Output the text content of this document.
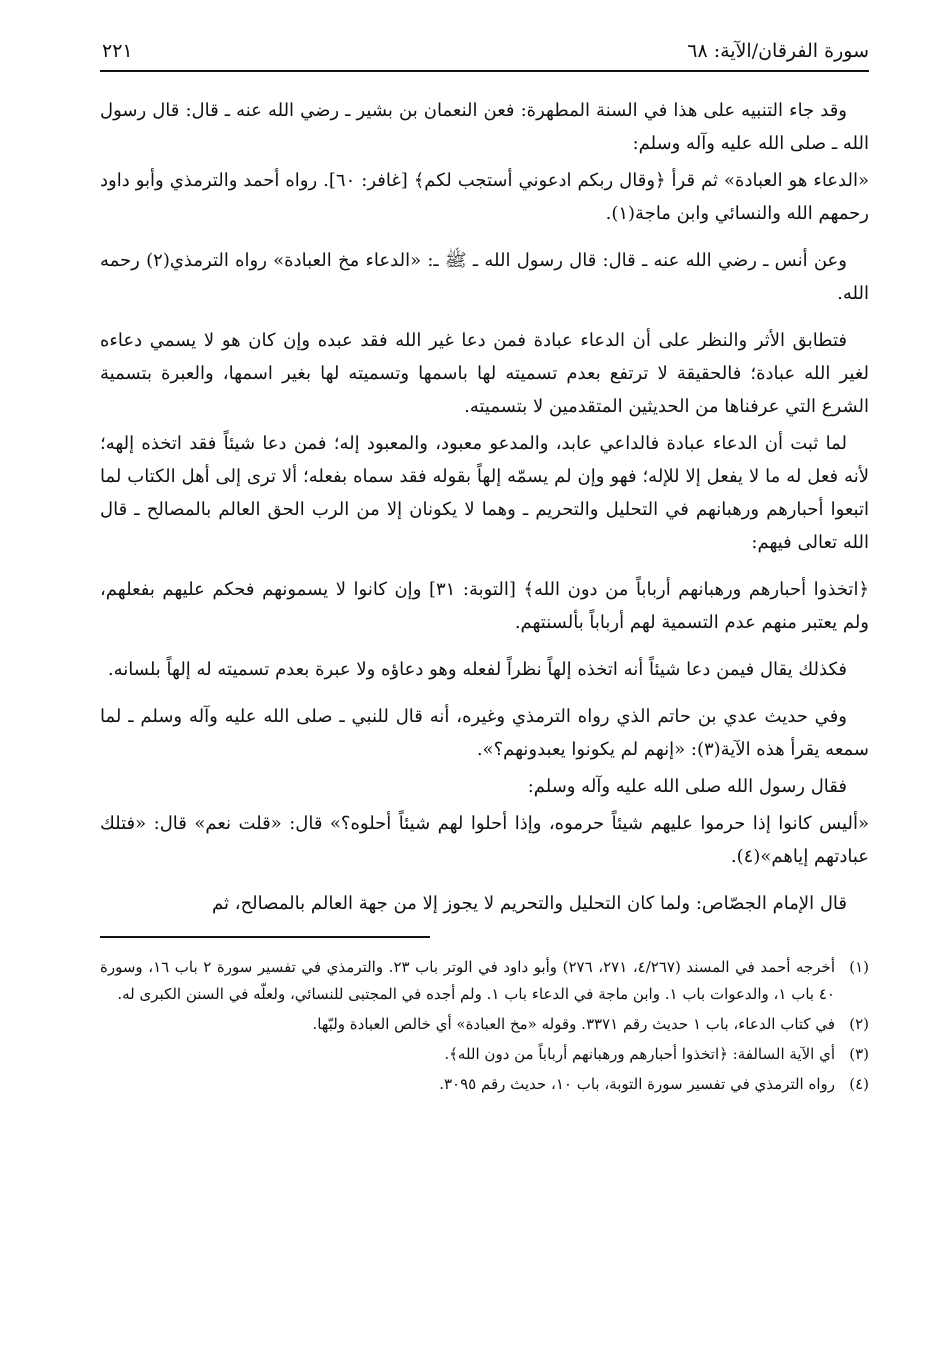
سورة الفرقان/الآية: ٦٨
٢٢١

وقد جاء التنبيه على هذا في السنة المطهرة: فعن النعمان بن بشير ـ رضي الله عنه ـ قال: قال رسول الله ـ صلى الله عليه وآله وسلم:

«الدعاء هو العبادة» ثم قرأ ﴿وقال ربكم ادعوني أستجب لكم﴾ [غافر: ٦٠]. رواه أحمد والترمذي وأبو داود رحمهم الله والنسائي وابن ماجة(١).

وعن أنس ـ رضي الله عنه ـ قال: قال رسول الله ـ ﷺ ـ: «الدعاء مخ العبادة» رواه الترمذي(٢) رحمه الله.

فتطابق الأثر والنظر على أن الدعاء عبادة فمن دعا غير الله فقد عبده وإن كان هو لا يسمي دعاءه لغير الله عبادة؛ فالحقيقة لا ترتفع بعدم تسميته لها باسمها وتسميته لها بغير اسمها، والعبرة بتسمية الشرع التي عرفناها من الحديثين المتقدمين لا بتسميته.

لما ثبت أن الدعاء عبادة فالداعي عابد، والمدعو معبود، والمعبود إله؛ فمن دعا شيئاً فقد اتخذه إلهه؛ لأنه فعل له ما لا يفعل إلا للإله؛ فهو وإن لم يسمّه إلهاً بقوله فقد سماه بفعله؛ ألا ترى إلى أهل الكتاب لما اتبعوا أحبارهم ورهبانهم في التحليل والتحريم ـ وهما لا يكونان إلا من الرب الحق العالم بالمصالح ـ قال الله تعالى فيهم:

﴿اتخذوا أحبارهم ورهبانهم أرباباً من دون الله﴾ [التوبة: ٣١] وإن كانوا لا يسمونهم فحكم عليهم بفعلهم، ولم يعتبر منهم عدم التسمية لهم أرباباً بألسنتهم.

فكذلك يقال فيمن دعا شيئاً أنه اتخذه إلهاً نظراً لفعله وهو دعاؤه ولا عبرة بعدم تسميته له إلهاً بلسانه.

وفي حديث عدي بن حاتم الذي رواه الترمذي وغيره، أنه قال للنبي ـ صلى الله عليه وآله وسلم ـ لما سمعه يقرأ هذه الآية(٣): «إنهم لم يكونوا يعبدونهم؟».

فقال رسول الله صلى الله عليه وآله وسلم:

«أليس كانوا إذا حرموا عليهم شيئاً حرموه، وإذا أحلوا لهم شيئاً أحلوه؟» قال: «قلت نعم» قال: «فتلك عبادتهم إياهم»(٤).

قال الإمام الجصّاص: ولما كان التحليل والتحريم لا يجوز إلا من جهة العالم بالمصالح، ثم

(١)
أخرجه أحمد في المسند (٤/٢٦٧، ٢٧١، ٢٧٦) وأبو داود في الوتر باب ٢٣. والترمذي في تفسير سورة ٢ باب ١٦، وسورة ٤٠ باب ١، والدعوات باب ١. وابن ماجة في الدعاء باب ١. ولم أجده في المجتبى للنسائي، ولعلّه في السنن الكبرى له.
(٢)
في كتاب الدعاء، باب ١ حديث رقم ٣٣٧١. وقوله «مخ العبادة» أي خالص العبادة ولبّها.
(٣)
أي الآية السالفة: ﴿اتخذوا أحبارهم ورهبانهم أرباباً من دون الله﴾.
(٤)
رواه الترمذي في تفسير سورة التوبة، باب ١٠، حديث رقم ٣٠٩٥.
